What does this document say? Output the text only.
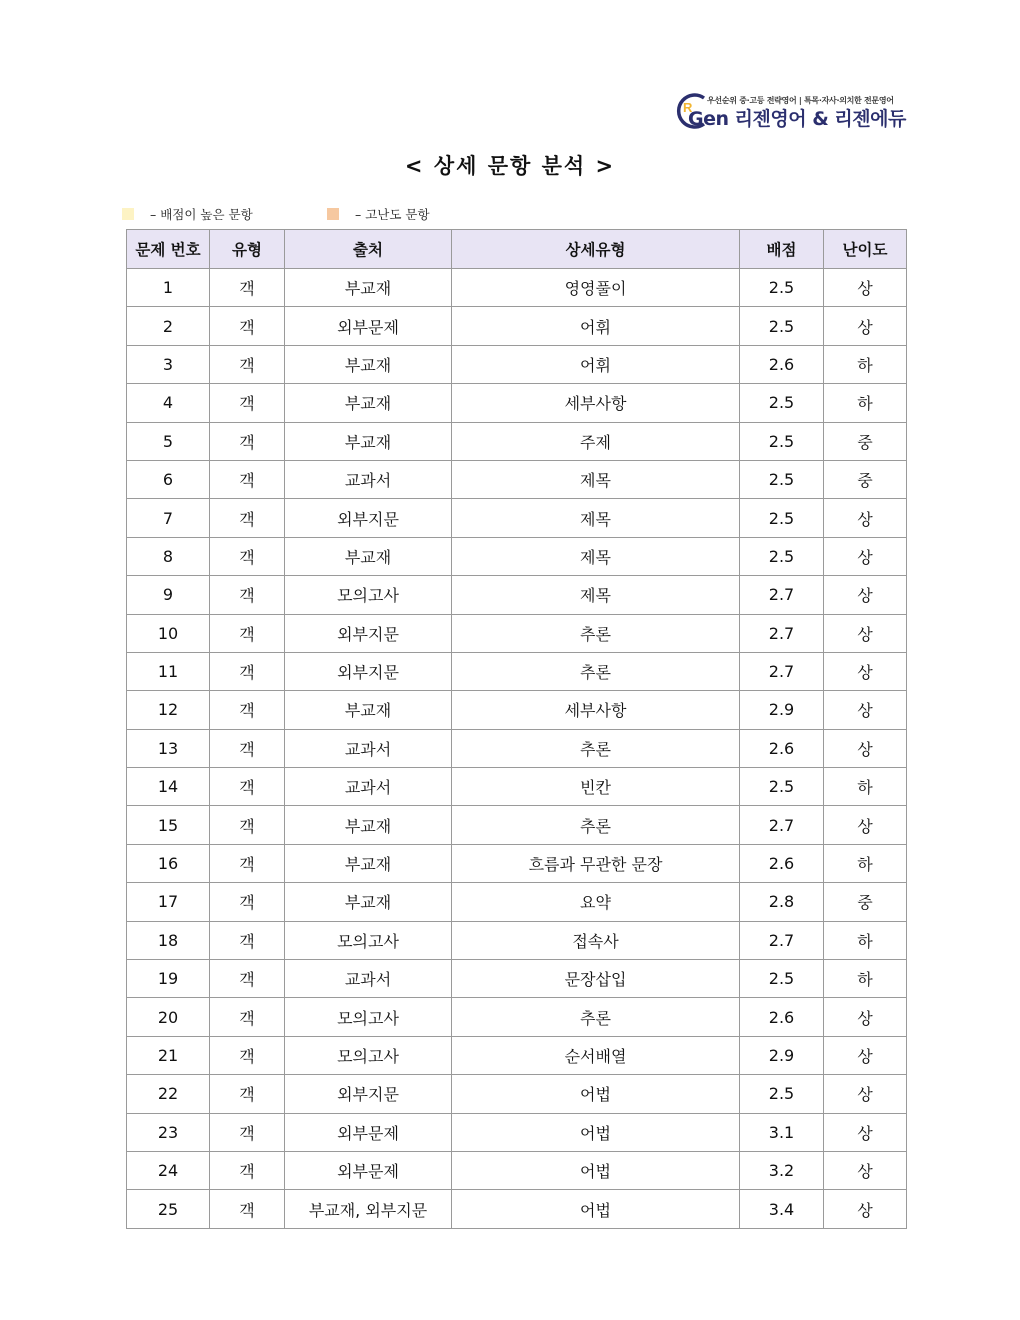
R 우선순위 중·고등 전략영어 | 특목·자사·의치한 전문영어
Gen 리젠영어 & 리젠에듀
< 상세 문항 분석 >
– 배점이 높은 문항	– 고난도 문항
문제 번호	유형	출처	상세유형	배점	난이도
1	객	부교재	영영풀이	2.5	상
2	객	외부문제	어휘	2.5	상
3	객	부교재	어휘	2.6	하
4	객	부교재	세부사항	2.5	하
5	객	부교재	주제	2.5	중
6	객	교과서	제목	2.5	중
7	객	외부지문	제목	2.5	상
8	객	부교재	제목	2.5	상
9	객	모의고사	제목	2.7	상
10	객	외부지문	추론	2.7	상
11	객	외부지문	추론	2.7	상
12	객	부교재	세부사항	2.9	상
13	객	교과서	추론	2.6	상
14	객	교과서	빈칸	2.5	하
15	객	부교재	추론	2.7	상
16	객	부교재	흐름과 무관한 문장	2.6	하
17	객	부교재	요약	2.8	중
18	객	모의고사	접속사	2.7	하
19	객	교과서	문장삽입	2.5	하
20	객	모의고사	추론	2.6	상
21	객	모의고사	순서배열	2.9	상
22	객	외부지문	어법	2.5	상
23	객	외부문제	어법	3.1	상
24	객	외부문제	어법	3.2	상
25	객	부교재, 외부지문	어법	3.4	상
